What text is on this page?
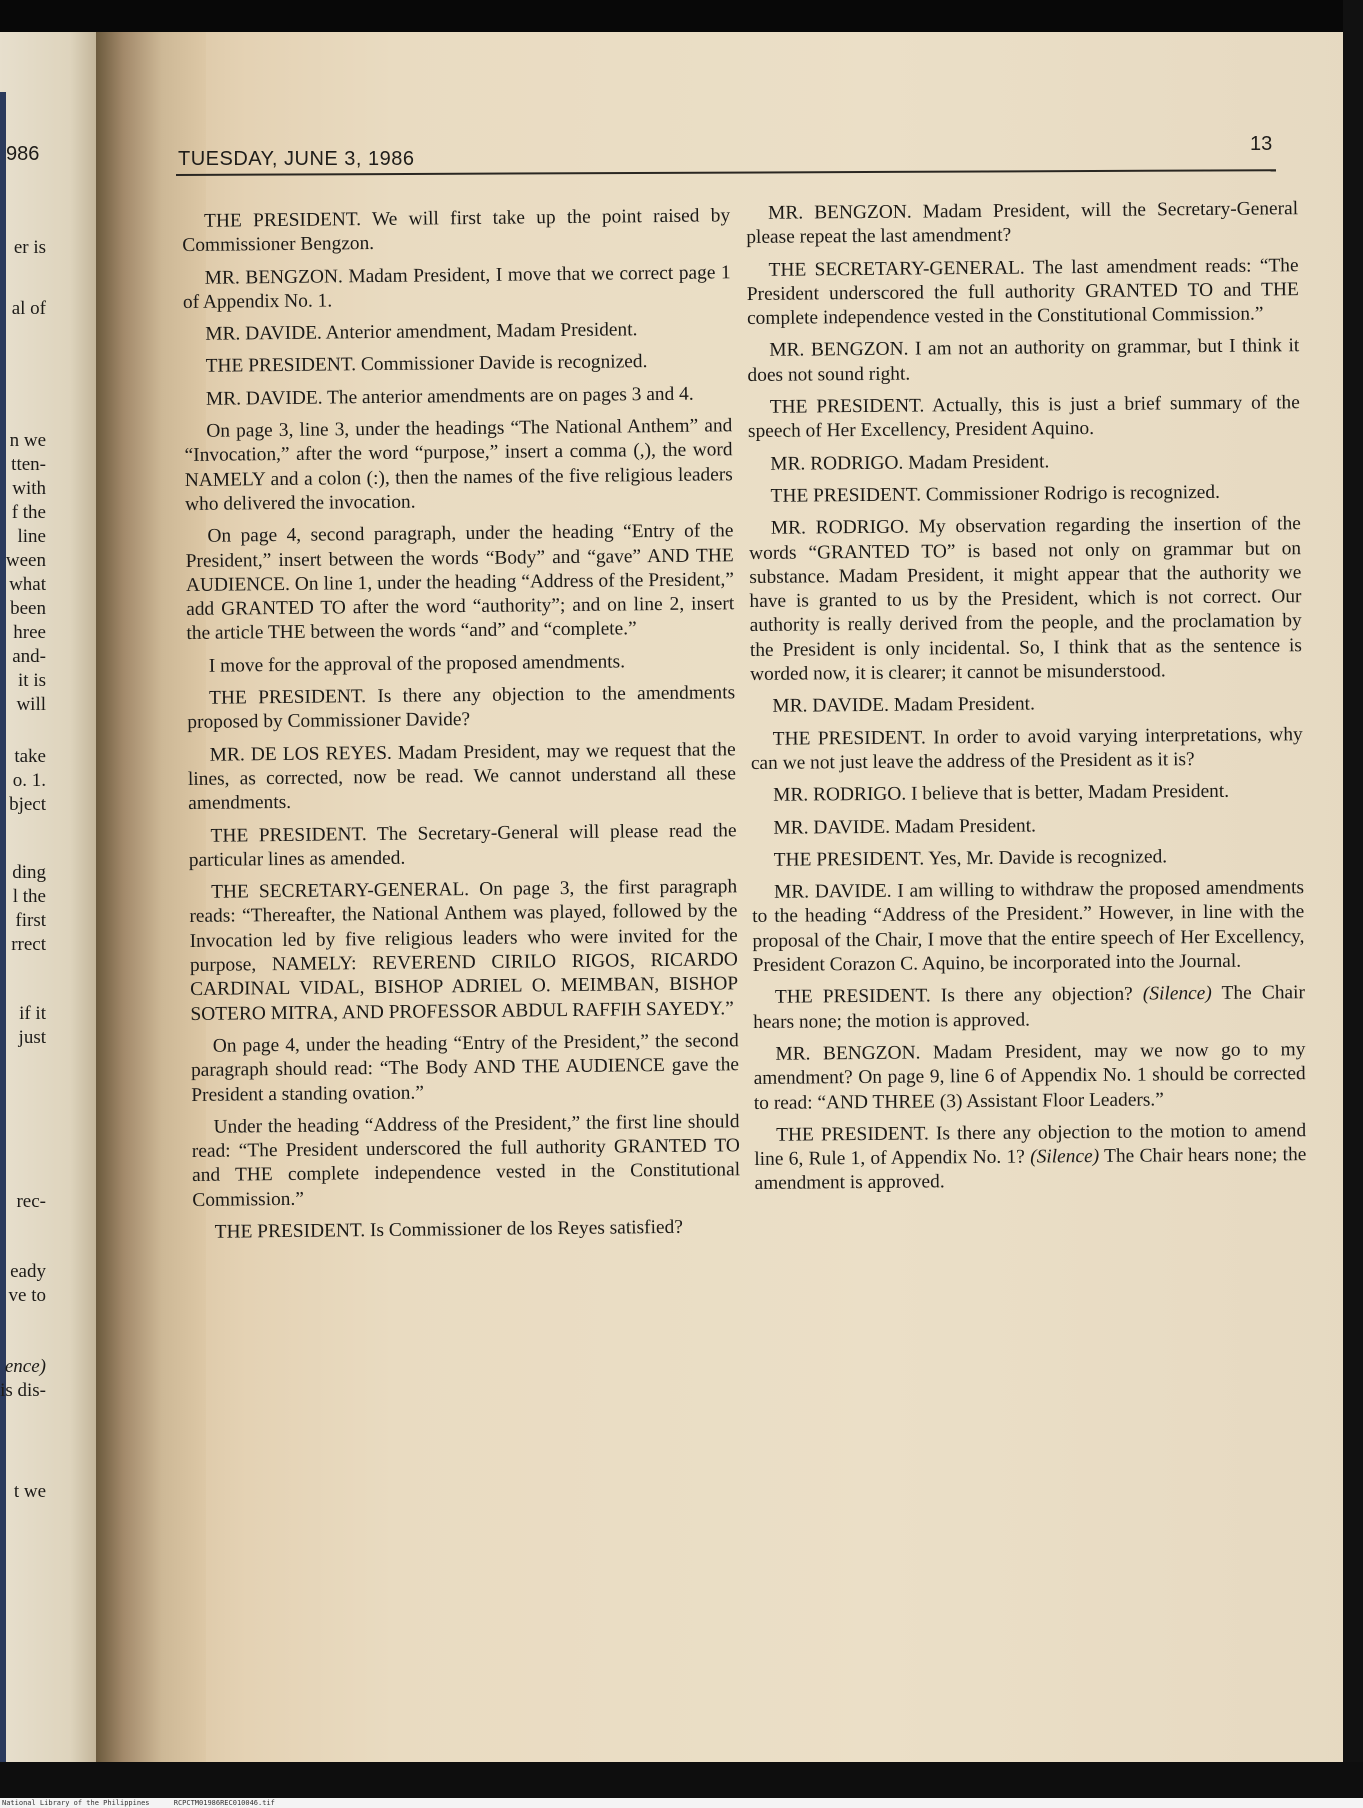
986
er is
al of
n we
tten-
with
f the
line
ween
what
been
hree
and-
it is
will
take
o. 1.
bject
ding
l the
first
rrect
if it
just
rec-
eady
ve to
ence)
is dis-
t we
TUESDAY, JUNE 3, 1986
13

THE PRESIDENT. We will first take up the point raised by Commissioner Bengzon.

MR. BENGZON. Madam President, I move that we correct page 1 of Appendix No. 1.

MR. DAVIDE. Anterior amendment, Madam President.

THE PRESIDENT. Commissioner Davide is recognized.

MR. DAVIDE. The anterior amendments are on pages 3 and 4.

On page 3, line 3, under the headings “The National Anthem” and “Invocation,” after the word “purpose,” insert a comma (,), the word NAMELY and a colon (:), then the names of the five religious leaders who delivered the invocation.

On page 4, second paragraph, under the heading “Entry of the President,” insert between the words “Body” and “gave” AND THE AUDIENCE. On line 1, under the heading “Address of the President,” add GRANTED TO after the word “authority”; and on line 2, insert the article THE between the words “and” and “complete.”

I move for the approval of the proposed amendments.

THE PRESIDENT. Is there any objection to the amendments proposed by Commissioner Davide?

MR. DE LOS REYES. Madam President, may we request that the lines, as corrected, now be read. We cannot understand all these amendments.

THE PRESIDENT. The Secretary-General will please read the particular lines as amended.

THE SECRETARY-GENERAL. On page 3, the first paragraph reads: “Thereafter, the National Anthem was played, followed by the Invocation led by five religious leaders who were invited for the purpose, NAMELY: REVEREND CIRILO RIGOS, RICARDO CARDINAL VIDAL, BISHOP ADRIEL O. MEIMBAN, BISHOP SOTERO MITRA, AND PROFESSOR ABDUL RAFFIH SAYEDY.”

On page 4, under the heading “Entry of the President,” the second paragraph should read: “The Body AND THE AUDIENCE gave the President a standing ovation.”

Under the heading “Address of the President,” the first line should read: “The President underscored the full authority GRANTED TO and THE complete independence vested in the Constitutional Commission.”

THE PRESIDENT. Is Commissioner de los Reyes satisfied?

MR. BENGZON. Madam President, will the Secretary-General please repeat the last amendment?

THE SECRETARY-GENERAL. The last amendment reads: “The President underscored the full authority GRANTED TO and THE complete independence vested in the Constitutional Commission.”

MR. BENGZON. I am not an authority on grammar, but I think it does not sound right.

THE PRESIDENT. Actually, this is just a brief summary of the speech of Her Excellency, President Aquino.

MR. RODRIGO. Madam President.

THE PRESIDENT. Commissioner Rodrigo is recognized.

MR. RODRIGO. My observation regarding the insertion of the words “GRANTED TO” is based not only on grammar but on substance. Madam President, it might appear that the authority we have is granted to us by the President, which is not correct. Our authority is really derived from the people, and the proclamation by the President is only incidental. So, I think that as the sentence is worded now, it is clearer; it cannot be misunderstood.

MR. DAVIDE. Madam President.

THE PRESIDENT. In order to avoid varying interpretations, why can we not just leave the address of the President as it is?

MR. RODRIGO. I believe that is better, Madam President.

MR. DAVIDE. Madam President.

THE PRESIDENT. Yes, Mr. Davide is recognized.

MR. DAVIDE. I am willing to withdraw the proposed amendments to the heading “Address of the President.” However, in line with the proposal of the Chair, I move that the entire speech of Her Excellency, President Corazon C. Aquino, be incorporated into the Journal.

THE PRESIDENT. Is there any objection? (Silence) The Chair hears none; the motion is approved.

MR. BENGZON. Madam President, may we now go to my amendment? On page 9, line 6 of Appendix No. 1 should be corrected to read: “AND THREE (3) Assistant Floor Leaders.”

THE PRESIDENT. Is there any objection to the motion to amend line 6, Rule 1, of Appendix No. 1? (Silence) The Chair hears none; the amendment is approved.

National Library of the Philippines	RCPCTM01986REC010046.tif
